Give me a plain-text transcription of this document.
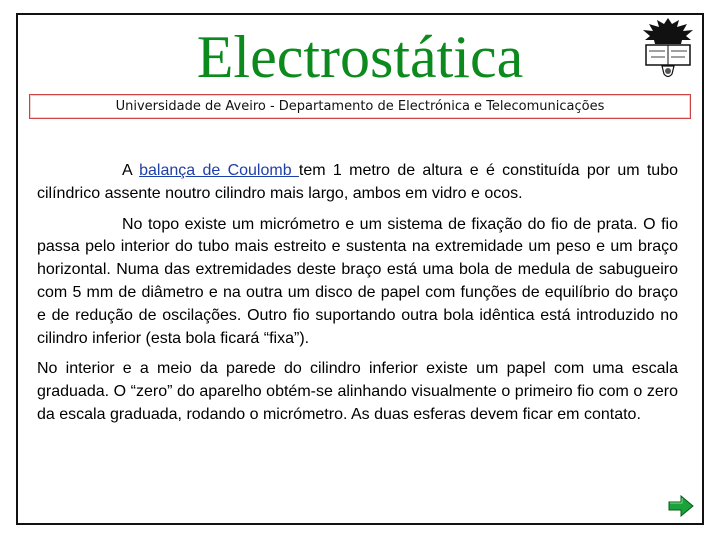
Electrostática
Universidade de Aveiro - Departamento de Electrónica e Telecomunicações

A balança de Coulomb tem 1 metro de altura e é constituída por um tubo cilíndrico assente noutro cilindro mais largo, ambos em vidro e ocos.

No topo existe um micrómetro e um sistema de fixação do fio de prata. O fio passa pelo interior do tubo mais estreito e sustenta na extremidade um peso e um braço horizontal. Numa das extremidades deste braço está uma bola de medula de sabugueiro com 5 mm de diâmetro e na outra um disco de papel com funções de equilíbrio do braço e de redução de oscilações. Outro fio suportando outra bola idêntica está introduzido no cilindro inferior (esta bola ficará “fixa”).

No interior e a meio da parede do cilindro inferior existe um papel com uma escala graduada. O “zero” do aparelho obtém-se alinhando visualmente o primeiro fio com o zero da escala graduada, rodando o micrómetro. As duas esferas devem ficar em contato.
